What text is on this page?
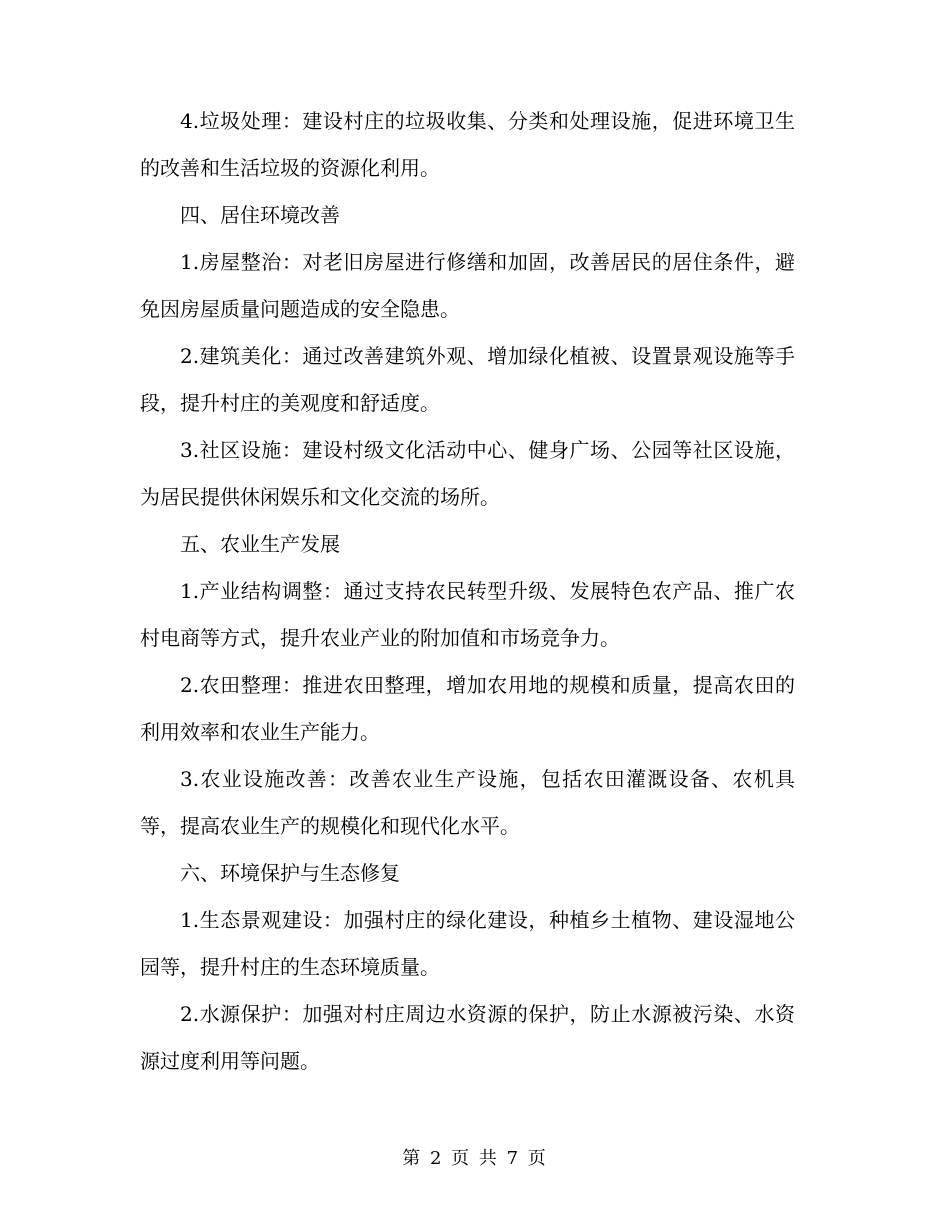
4.垃圾处理：建设村庄的垃圾收集、分类和处理设施，促进环境卫生的改善和生活垃圾的资源化利用。

四、居住环境改善

1.房屋整治：对老旧房屋进行修缮和加固，改善居民的居住条件，避免因房屋质量问题造成的安全隐患。

2.建筑美化：通过改善建筑外观、增加绿化植被、设置景观设施等手段，提升村庄的美观度和舒适度。

3.社区设施：建设村级文化活动中心、健身广场、公园等社区设施，为居民提供休闲娱乐和文化交流的场所。

五、农业生产发展

1.产业结构调整：通过支持农民转型升级、发展特色农产品、推广农村电商等方式，提升农业产业的附加值和市场竞争力。

2.农田整理：推进农田整理，增加农用地的规模和质量，提高农田的利用效率和农业生产能力。

3.农业设施改善：改善农业生产设施，包括农田灌溉设备、农机具等，提高农业生产的规模化和现代化水平。

六、环境保护与生态修复

1.生态景观建设：加强村庄的绿化建设，种植乡土植物、建设湿地公园等，提升村庄的生态环境质量。

2.水源保护：加强对村庄周边水资源的保护，防止水源被污染、水资源过度利用等问题。

第 2 页 共 7 页
